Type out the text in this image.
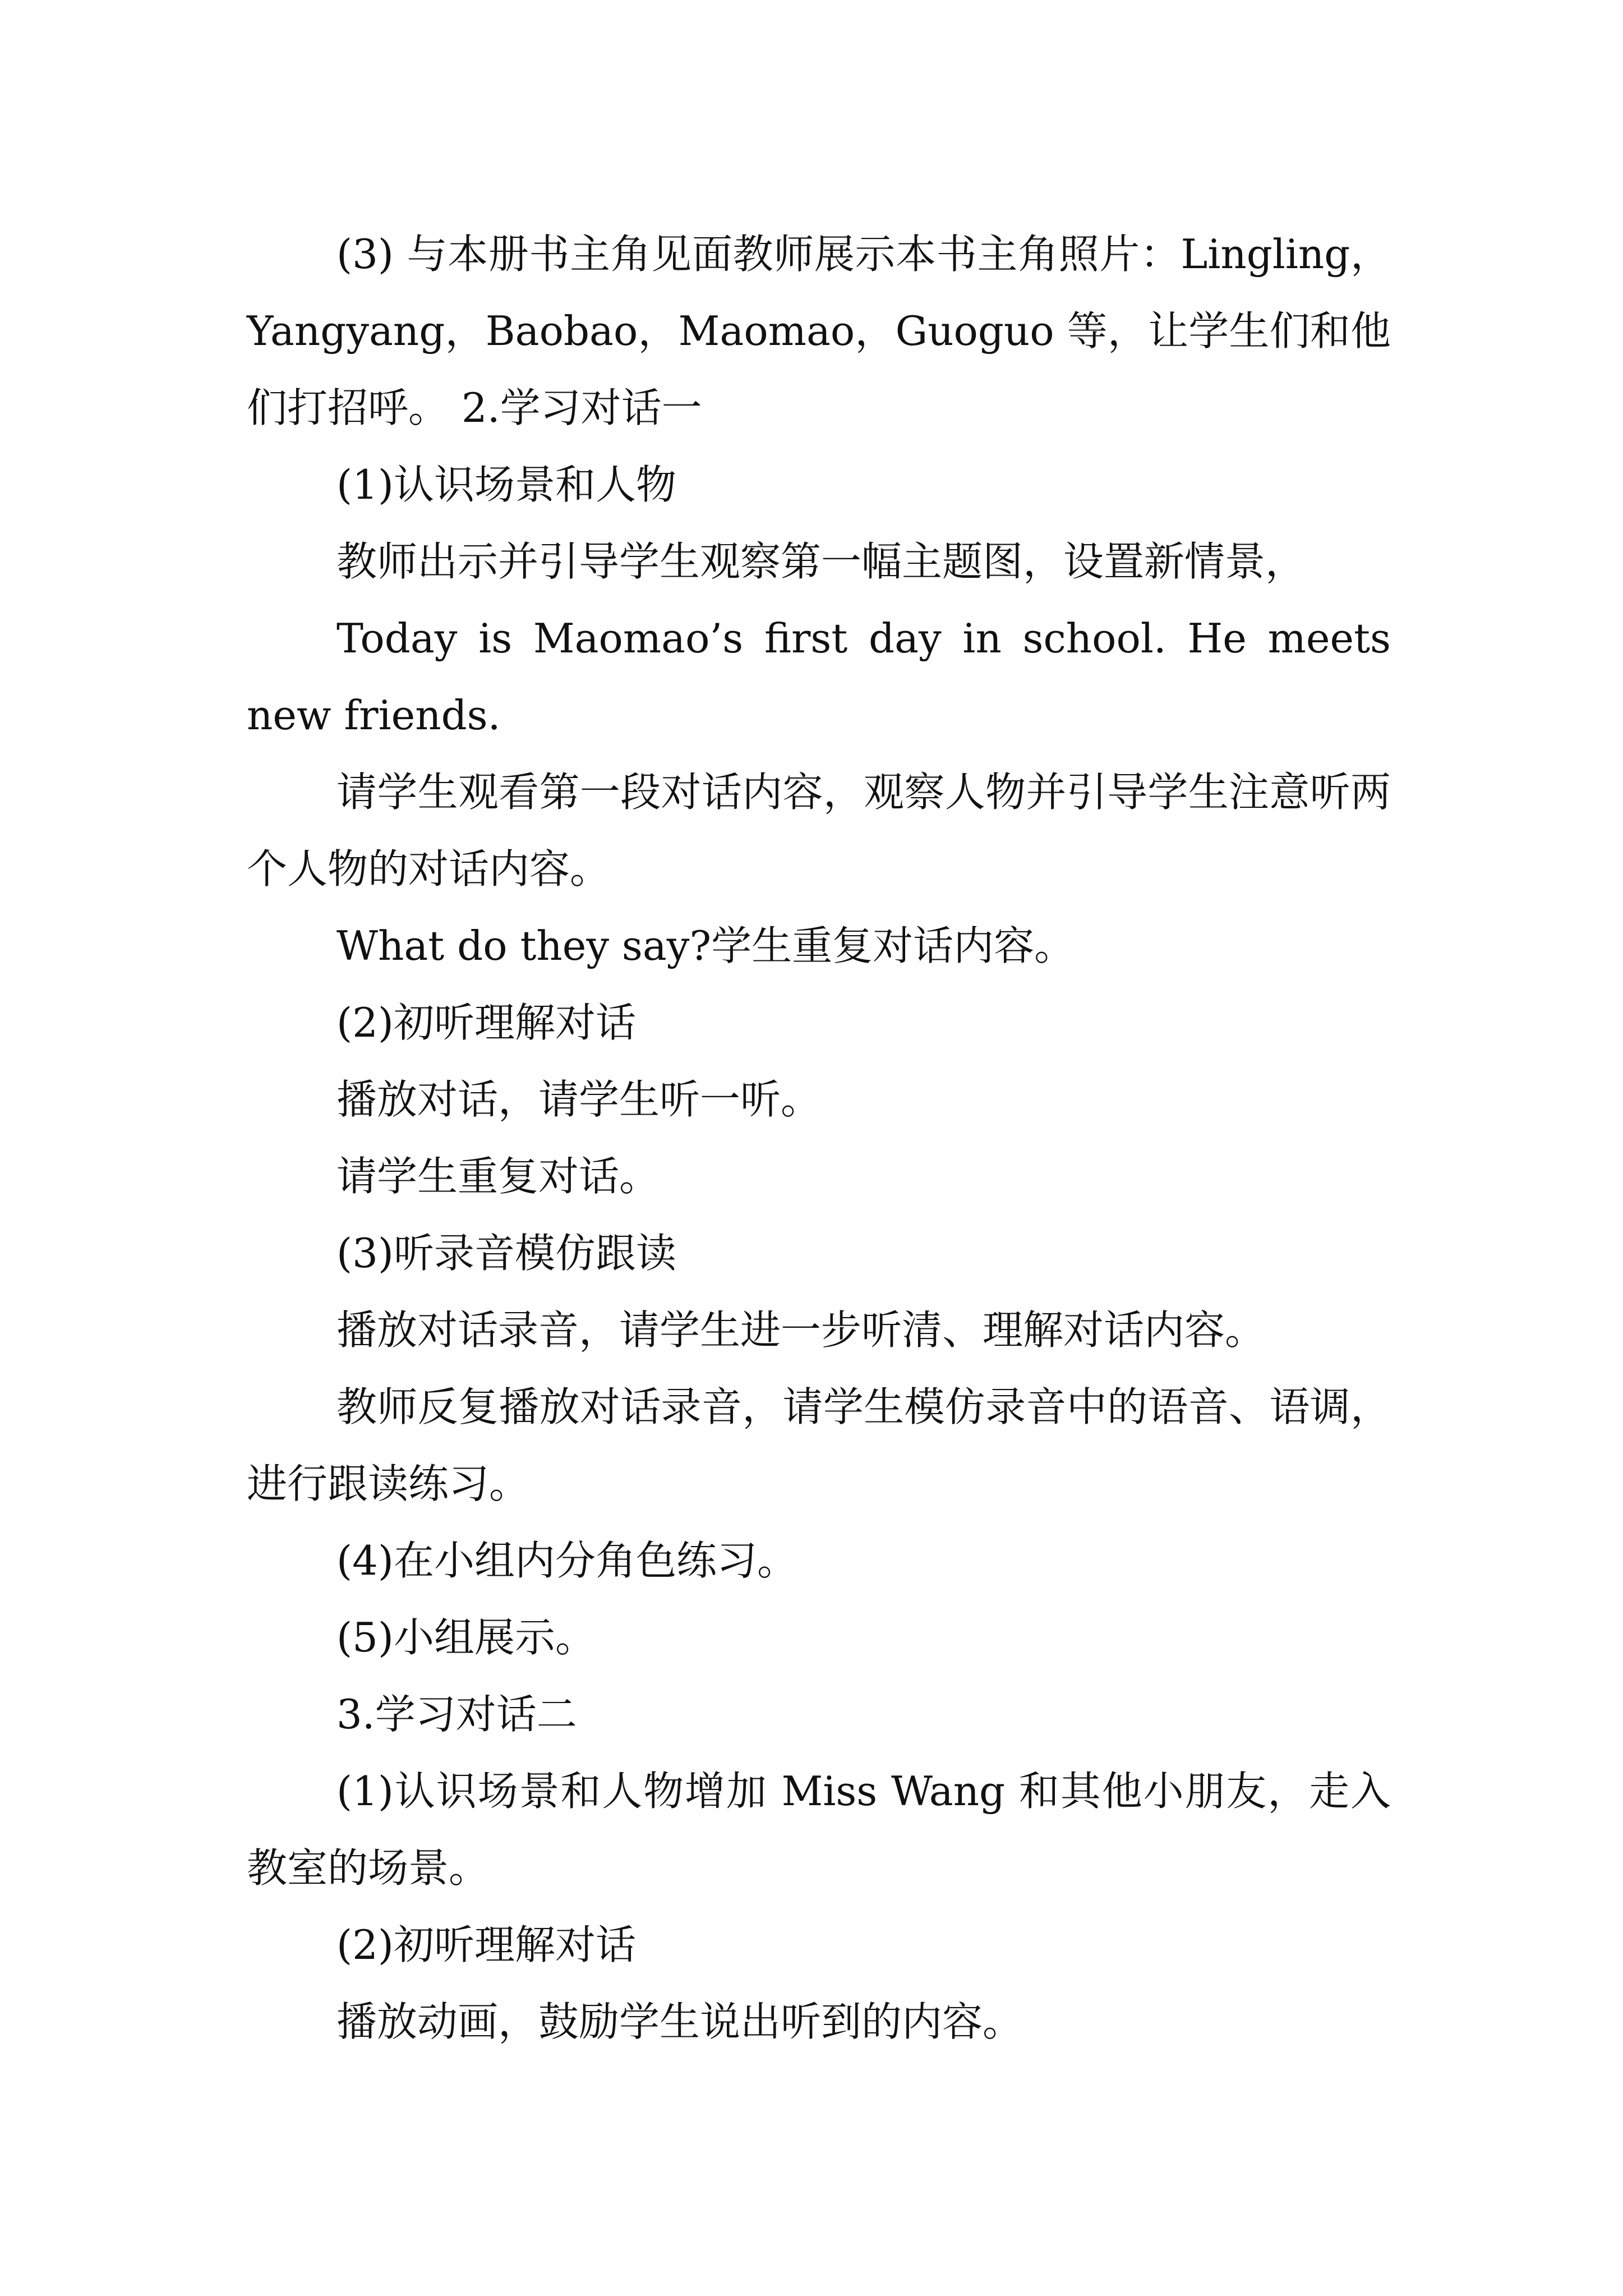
(3) 与本册书主角见面教师展示本书主角照片：Lingling，Yangyang，Baobao，Maomao，Guoguo 等，让学生们和他们打招呼。 2.学习对话一

(1)认识场景和人物

教师出示并引导学生观察第一幅主题图，设置新情景，

Today is Maomao’s first day in school. He meets new friends.

请学生观看第一段对话内容，观察人物并引导学生注意听两个人物的对话内容。

What do they say?学生重复对话内容。

(2)初听理解对话

播放对话，请学生听一听。

请学生重复对话。

(3)听录音模仿跟读

播放对话录音，请学生进一步听清、理解对话内容。

教师反复播放对话录音，请学生模仿录音中的语音、语调，进行跟读练习。

(4)在小组内分角色练习。

(5)小组展示。

3.学习对话二

(1)认识场景和人物增加 Miss Wang 和其他小朋友，走入教室的场景。

(2)初听理解对话

播放动画，鼓励学生说出听到的内容。
